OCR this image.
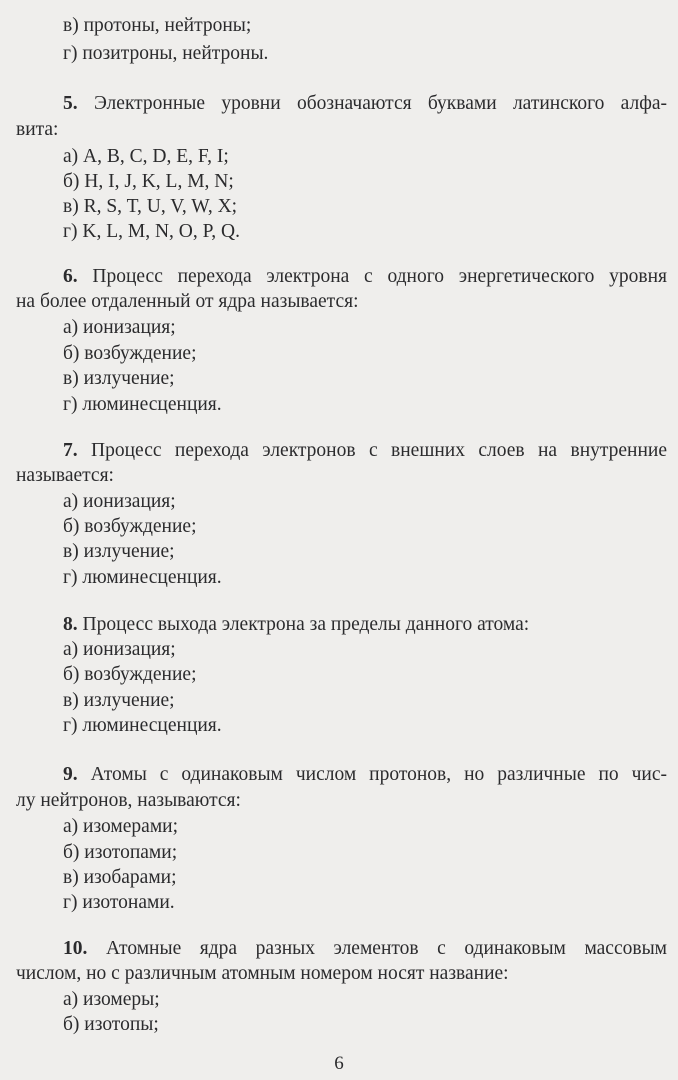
в) протоны, нейтроны;
г) позитроны, нейтроны.
5. Электронные уровни обозначаются буквами латинского алфа-
вита:
а) A, B, C, D, E, F, I;
б) H, I, J, K, L, M, N;
в) R, S, T, U, V, W, X;
г) K, L, M, N, O, P, Q.
6. Процесс перехода электрона с одного энергетического уровня
на более отдаленный от ядра называется:
а) ионизация;
б) возбуждение;
в) излучение;
г) люминесценция.
7. Процесс перехода электронов с внешних слоев на внутренние
называется:
а) ионизация;
б) возбуждение;
в) излучение;
г) люминесценция.
8. Процесс выхода электрона за пределы данного атома:
а) ионизация;
б) возбуждение;
в) излучение;
г) люминесценция.
9. Атомы с одинаковым числом протонов, но различные по чис-
лу нейтронов, называются:
а) изомерами;
б) изотопами;
в) изобарами;
г) изотонами.
10. Атомные ядра разных элементов с одинаковым массовым
числом, но с различным атомным номером носят название:
а) изомеры;
б) изотопы;
6
